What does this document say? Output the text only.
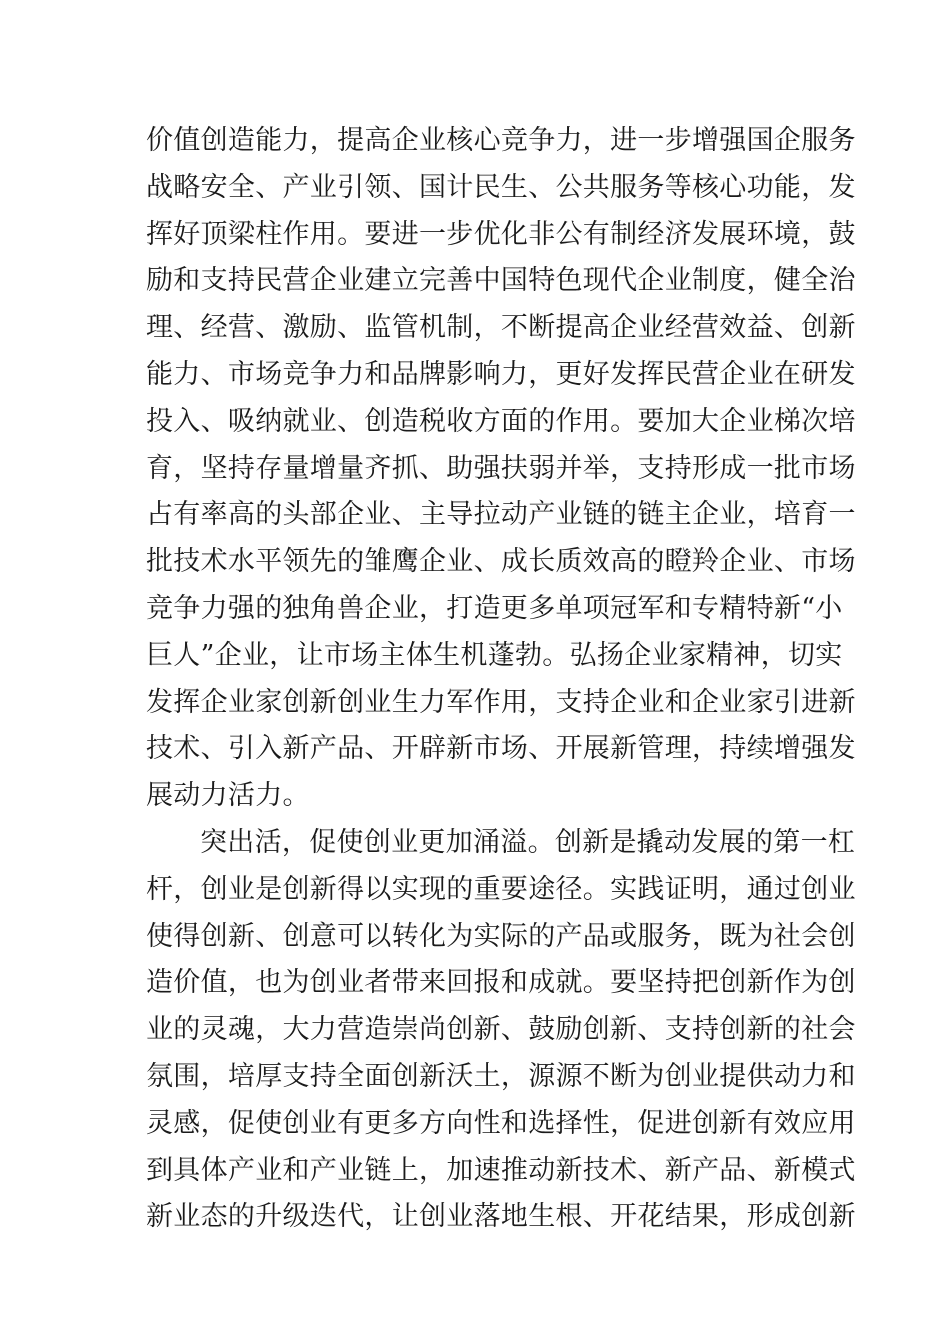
价值创造能力，提高企业核心竞争力，进一步增强国企服务
战略安全、产业引领、国计民生、公共服务等核心功能，发
挥好顶梁柱作用。要进一步优化非公有制经济发展环境，鼓
励和支持民营企业建立完善中国特色现代企业制度，健全治
理、经营、激励、监管机制，不断提高企业经营效益、创新
能力、市场竞争力和品牌影响力，更好发挥民营企业在研发
投入、吸纳就业、创造税收方面的作用。要加大企业梯次培
育，坚持存量增量齐抓、助强扶弱并举，支持形成一批市场
占有率高的头部企业、主导拉动产业链的链主企业，培育一
批技术水平领先的雏鹰企业、成长质效高的瞪羚企业、市场
竞争力强的独角兽企业，打造更多单项冠军和专精特新“小
巨人”企业，让市场主体生机蓬勃。弘扬企业家精神，切实
发挥企业家创新创业生力军作用，支持企业和企业家引进新
技术、引入新产品、开辟新市场、开展新管理，持续增强发
展动力活力。
突出活，促使创业更加涌溢。创新是撬动发展的第一杠
杆，创业是创新得以实现的重要途径。实践证明，通过创业
使得创新、创意可以转化为实际的产品或服务，既为社会创
造价值，也为创业者带来回报和成就。要坚持把创新作为创
业的灵魂，大力营造崇尚创新、鼓励创新、支持创新的社会
氛围，培厚支持全面创新沃土，源源不断为创业提供动力和
灵感，促使创业有更多方向性和选择性，促进创新有效应用
到具体产业和产业链上，加速推动新技术、新产品、新模式
新业态的升级迭代，让创业落地生根、开花结果，形成创新
